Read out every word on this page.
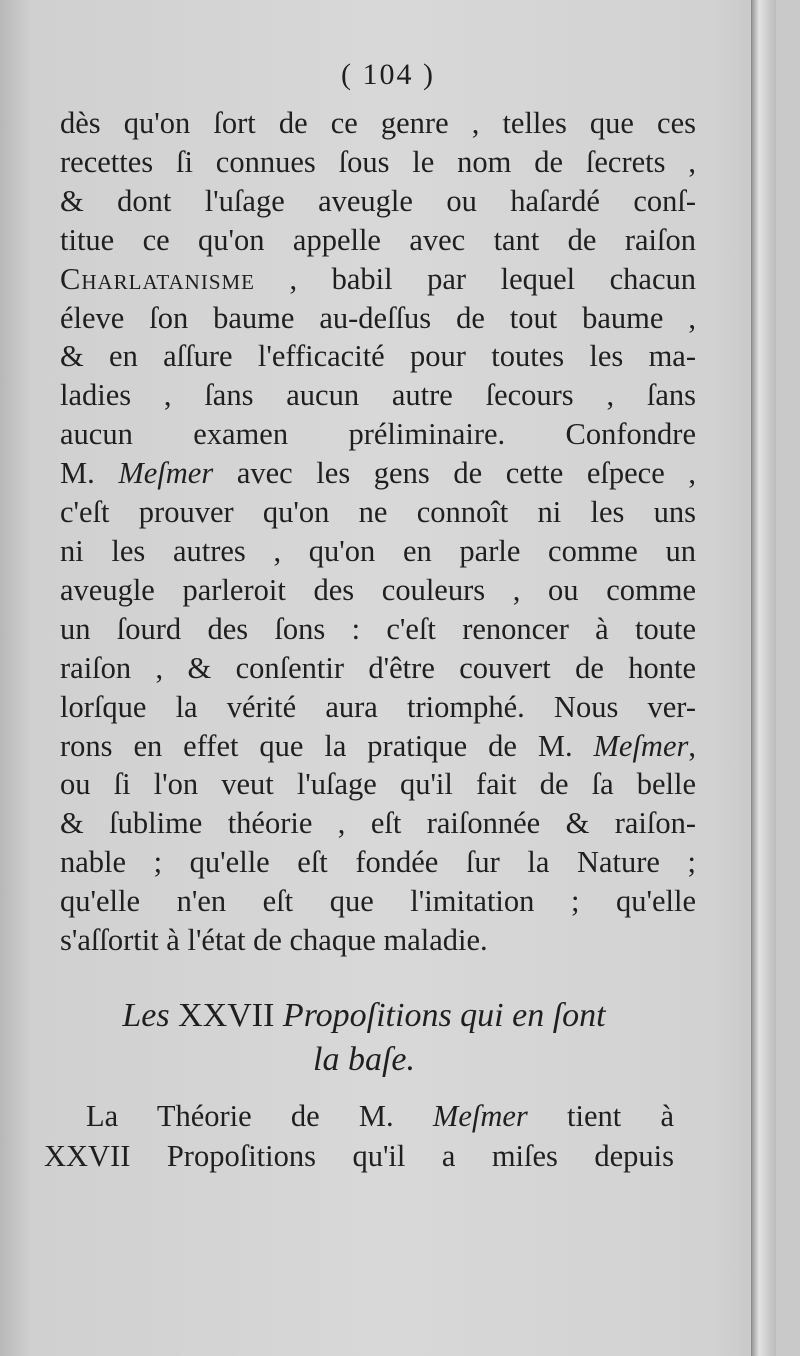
( 104 )
dès qu'on ſort de ce genre , telles que ces
recettes ſi connues ſous le nom de ſecrets ,
& dont l'uſage aveugle ou haſardé conſ-
titue ce qu'on appelle avec tant de raiſon
Charlatanisme , babil par lequel chacun
éleve ſon baume au-deſſus de tout baume ,
& en aſſure l'efficacité pour toutes les ma-
ladies , ſans aucun autre ſecours , ſans
aucun examen préliminaire. Confondre
M. Meſmer avec les gens de cette eſpece ,
c'eſt prouver qu'on ne connoît ni les uns
ni les autres , qu'on en parle comme un
aveugle parleroit des couleurs , ou comme
un ſourd des ſons : c'eſt renoncer à toute
raiſon , & conſentir d'être couvert de honte
lorſque la vérité aura triomphé. Nous ver-
rons en effet que la pratique de M. Meſmer,
ou ſi l'on veut l'uſage qu'il fait de ſa belle
& ſublime théorie , eſt raiſonnée & raiſon-
nable ; qu'elle eſt fondée ſur la Nature ;
qu'elle n'en eſt que l'imitation ; qu'elle
s'aſſortit à l'état de chaque maladie.
Les XXVII Propoſitions qui en ſont
la baſe.
La Théorie de M. Meſmer tient à
XXVII Propoſitions qu'il a miſes depuis
